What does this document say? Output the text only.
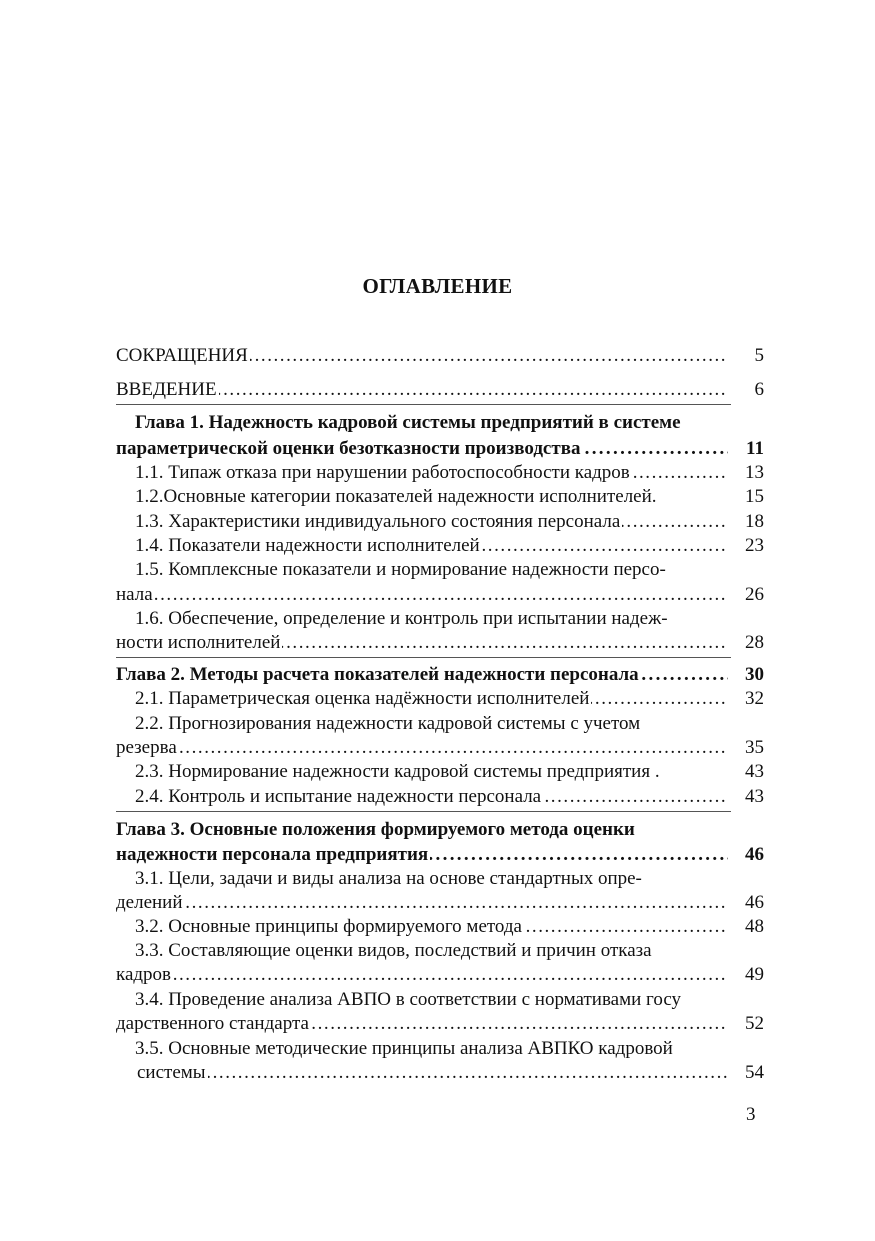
ОГЛАВЛЕНИЕ
СОКРАЩЕНИЯ . . .	5
ВВЕДЕНИЕ . . .	6
Глава 1. Надежность кадровой системы предприятий в системе
параметрической оценки безотказности производства . . .	11
1.1. Типаж отказа при нарушении работоспособности кадров . . .	13
1.2.Основные категории показателей надежности исполнителей.	15
1.3. Характеристики индивидуального состояния персонала . . .	18
1.4. Показатели надежности исполнителей . . .	23
1.5. Комплексные показатели и нормирование надежности персо-
нала . . .	26
1.6. Обеспечение, определение и контроль при испытании надеж-
ности исполнителей . . .	28
Глава 2. Методы расчета показателей надежности персонала . . .	30
2.1. Параметрическая оценка надёжности исполнителей . . .	32
2.2. Прогнозирования надежности кадровой системы с учетом
резерва . . .	35
2.3. Нормирование надежности кадровой системы предприятия .	43
2.4. Контроль и испытание надежности персонала . . .	43
Глава 3. Основные положения формируемого метода оценки
надежности персонала предприятия . . .	46
3.1. Цели, задачи и виды анализа на основе стандартных опре-
делений . . .	46
3.2. Основные принципы формируемого метода . . .	48
3.3. Составляющие оценки видов, последствий и причин отказа
кадров . . .	49
3.4. Проведение анализа АВПО в соответствии с нормативами госу
дарственного стандарта . . .	52
3.5. Основные методические принципы анализа АВПКО кадровой
системы . . .	54
3
